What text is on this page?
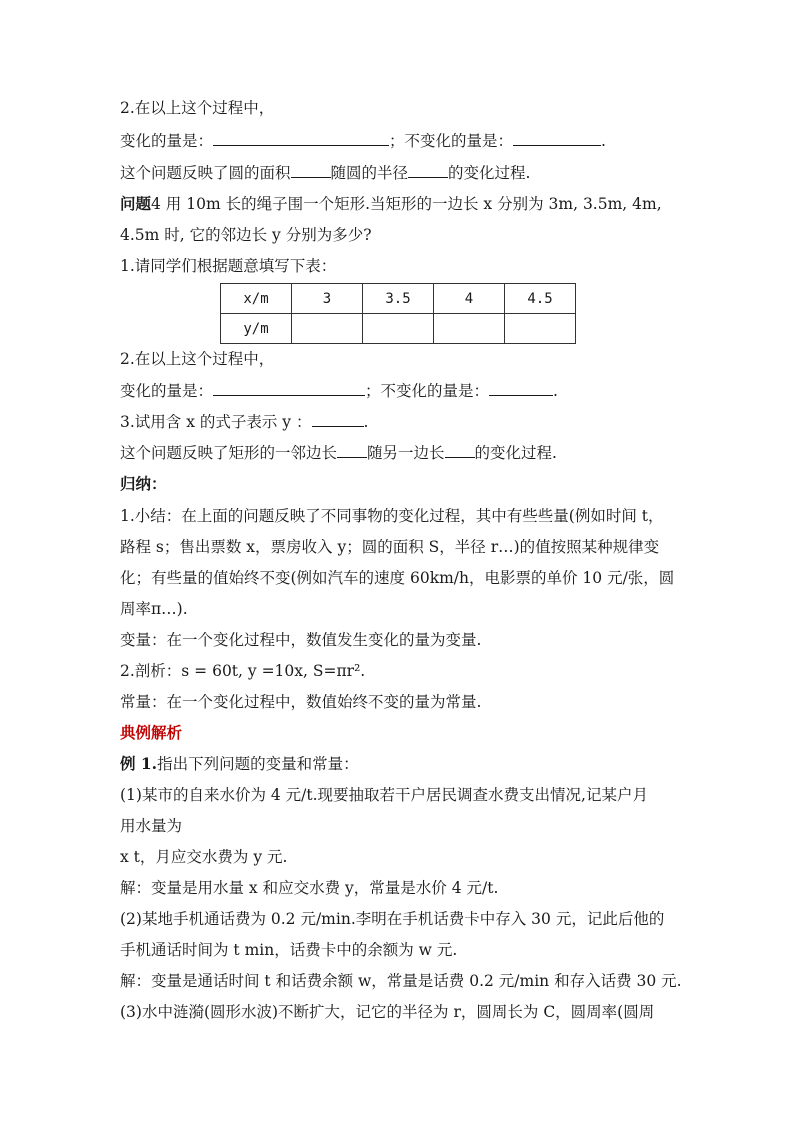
2.在以上这个过程中，
变化的量是：	；不变化的量是：	.
这个问题反映了圆的面积	随圆的半径	的变化过程.
问题4 用 10m 长的绳子围一个矩形.当矩形的一边长 x 分别为 3m, 3.5m, 4m,
4.5m 时, 它的邻边长 y 分别为多少?
1.请同学们根据题意填写下表：
x/m	3	3.5	4	4.5
y/m				
2.在以上这个过程中，
变化的量是：	；不变化的量是：	.
3.试用含 x 的式子表示 y ：	.
这个问题反映了矩形的一邻边长 随另一边长 的变化过程.
归纳：
1.小结：在上面的问题反映了不同事物的变化过程，其中有些些量(例如时间 t，
路程 s；售出票数 x，票房收入 y；圆的面积 S，半径 r…)的值按照某种规律变
化；有些量的值始终不变(例如汽车的速度 60km/h，电影票的单价 10 元/张，圆
周率π…).
变量：在一个变化过程中，数值发生变化的量为变量.
2.剖析：s = 60t, y =10x, S=πr².
常量：在一个变化过程中，数值始终不变的量为常量.
典例解析
例 1.指出下列问题的变量和常量：
(1)某市的自来水价为 4 元/t.现要抽取若干户居民调查水费支出情况,记某户月
用水量为
x t，月应交水费为 y 元.
解：变量是用水量 x 和应交水费 y，常量是水价 4 元/t.
(2)某地手机通话费为 0.2 元/min.李明在手机话费卡中存入 30 元，记此后他的
手机通话时间为 t min，话费卡中的余额为 w 元.
解：变量是通话时间 t 和话费余额 w，常量是话费 0.2 元/min 和存入话费 30 元.
(3)水中涟漪(圆形水波)不断扩大，记它的半径为 r，圆周长为 C，圆周率(圆周
